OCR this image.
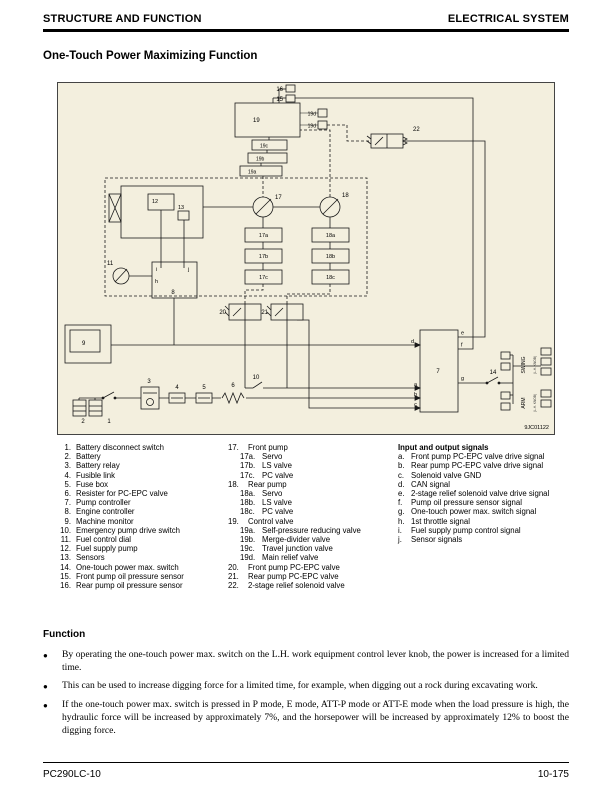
STRUCTURE AND FUNCTION	ELECTRICAL SYSTEM
One-Touch Power Maximizing Function
16
15
19
19d
19d
19c
19b
19a
22
12
13
17
17a
17b
17c
18
18a
18b
18c
11
i	j
h
8
9
20	21
10
7
d
a
b
c
e
f
g
14	SWING (L.H. KNOB)
ARM (L.H. KNOB)
2	1
3
4	5	6
9JC01122
1. Battery disconnect switch
2. Battery
3. Battery relay
4. Fusible link
5. Fuse box
6. Resister for PC-EPC valve
7. Pump controller
8. Engine controller
9. Machine monitor
10. Emergency pump drive switch
11. Fuel control dial
12. Fuel supply pump
13. Sensors
14. One-touch power max. switch
15. Front pump oil pressure sensor
16. Rear pump oil pressure sensor
17.	Front pump
17a. Servo
17b. LS valve
17c. PC valve
18.	Rear pump
18a. Servo
18b. LS valve
18c. PC valve
19.	Control valve
19a. Self-pressure reducing valve
19b. Merge-divider valve
19c. Travel junction valve
19d. Main relief valve
20.	Front pump PC-EPC valve
21.	Rear pump PC-EPC valve
22.	2-stage relief solenoid valve
Input and output signals
a. Front pump PC-EPC valve drive signal
b. Rear pump PC-EPC valve drive signal
c. Solenoid valve GND
d. CAN signal
e. 2-stage relief solenoid valve drive signal
f.	Pump oil pressure sensor signal
g. One-touch power max. switch signal
h. 1st throttle signal
i.	Fuel supply pump control signal
j.	Sensor signals
Function
●	By operating the one-touch power max. switch on the L.H. work equipment control lever knob, the power is increased for a limited time.
●	This can be used to increase digging force for a limited time, for example, when digging out a rock during excavating work.
●	If the one-touch power max. switch is pressed in P mode, E mode, ATT-P mode or ATT-E mode when the load pressure is high, the hydraulic force will be increased by approximately 7%, and the horsepower will be increased by approximately 12% to boost the digging force.
PC290LC-10	10-175
